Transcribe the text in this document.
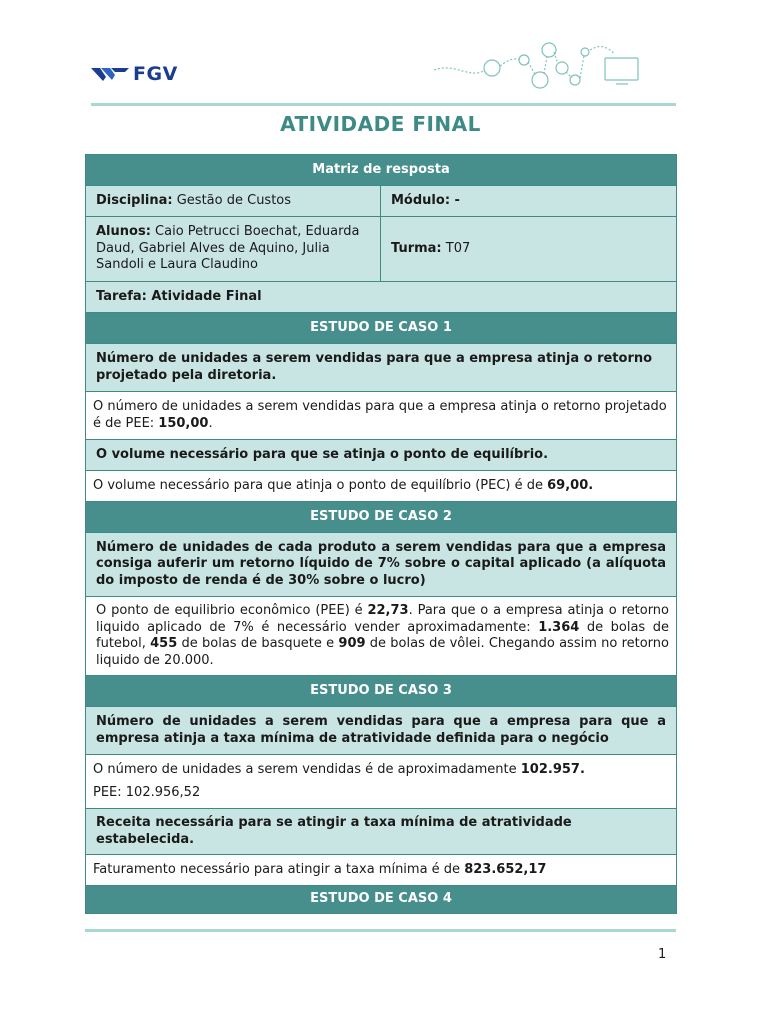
FGV
ATIVIDADE FINAL
Matriz de resposta	
Disciplina: Gestão de Custos	Módulo: -
Alunos: Caio Petrucci Boechat, Eduarda Daud, Gabriel Alves de Aquino, Julia Sandoli e Laura Claudino	Turma: T07
Tarefa: Atividade Final	
ESTUDO DE CASO 1	
Número de unidades a serem vendidas para que a empresa atinja o retorno projetado pela diretoria.	
O número de unidades a serem vendidas para que a empresa atinja o retorno projetado é de PEE: 150,00.	
O volume necessário para que se atinja o ponto de equilíbrio.	
O volume necessário para que atinja o ponto de equilíbrio (PEC) é de 69,00.	
ESTUDO DE CASO 2	
Número de unidades de cada produto a serem vendidas para que a empresa consiga auferir um retorno líquido de 7% sobre o capital aplicado (a alíquota do imposto de renda é de 30% sobre o lucro)	
O ponto de equilibrio econômico (PEE) é 22,73. Para que o a empresa atinja o retorno liquido aplicado de 7% é necessário vender aproximadamente: 1.364 de bolas de futebol, 455 de bolas de basquete e 909 de bolas de vôlei. Chegando assim no retorno liquido de 20.000.	
ESTUDO DE CASO 3	
Número de unidades a serem vendidas para que a empresa para que a empresa atinja a taxa mínima de atratividade definida para o negócio	

O número de unidades a serem vendidas é de aproximadamente 102.957.

PEE: 102.956,52	

Receita necessária para se atingir a taxa mínima de atratividade estabelecida.	
Faturamento necessário para atingir a taxa mínima é de 823.652,17	
ESTUDO DE CASO 4	
1
